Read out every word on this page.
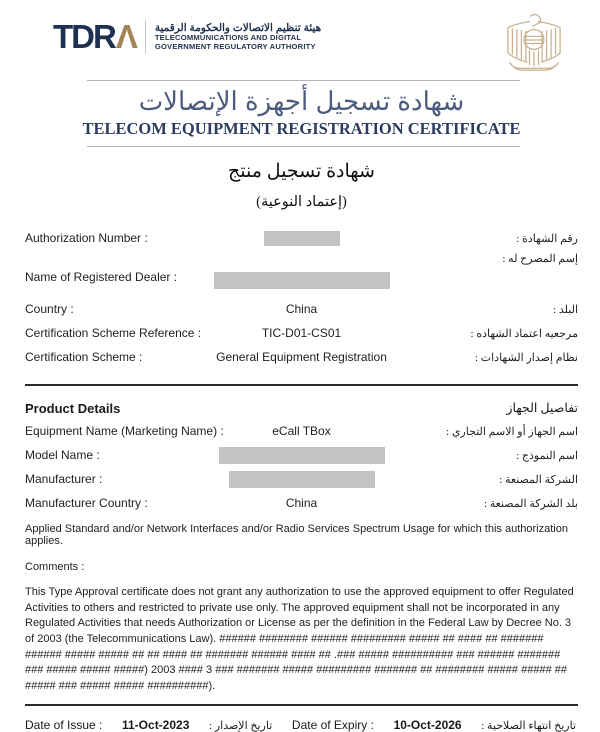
TDRΛ هيئة تنظيم الاتصالات والحكومة الرقمية
TELECOMMUNICATIONS AND DIGITAL
GOVERNMENT REGULATORY AUTHORITY
شهادة تسجيل أجهزة الإتصالات
TELECOM EQUIPMENT REGISTRATION CERTIFICATE
شهادة تسجيل منتج
(إعتماد النوعية)
Authorization Number :	رقم الشهادة :
Name of Registered Dealer :
إسم المصرح له :
Country :	China	البلد :
Certification Scheme Reference :	TIC-D01-CS01	مرجعيه اعتماد الشهاده :
Certification Scheme :	General Equipment Registration	نظام إصدار الشهادات :
Product Details	تفاصيل الجهاز
Equipment Name (Marketing Name) :	eCall TBox	اسم الجهاز أو الاسم التجاري :
Model Name :	اسم النموذج :
Manufacturer :	الشركة المصنعة :
Manufacturer Country :	China	بلد الشركة المصنعة :
Applied Standard and/or Network Interfaces and/or Radio Services Spectrum Usage for which this authorization applies.
Comments :
This Type Approval certificate does not grant any authorization to use the approved equipment to offer Regulated Activities to others and restricted to private use only. The approved equipment shall not be incorporated in any Regulated Activities that needs Authorization or License as per the definition in the Federal Law by Decree No. 3 of 2003 (the Telecommunications Law). ###### ######## ###### ######### ##### ## #### ## ####### ###### ##### ##### ## ## #### ## ####### ###### #### ## .### ##### ########## ### ###### ####### ### ##### ##### #####) 2003 #### 3 ### ####### ##### ######### ####### ## ######## ##### ##### ## ##### ### ##### ##### ##########).
Date of Issue : 11-Oct-2023 تاريخ الإصدار : Date of Expiry : 10-Oct-2026 تاريخ انتهاء الصلاحية :
